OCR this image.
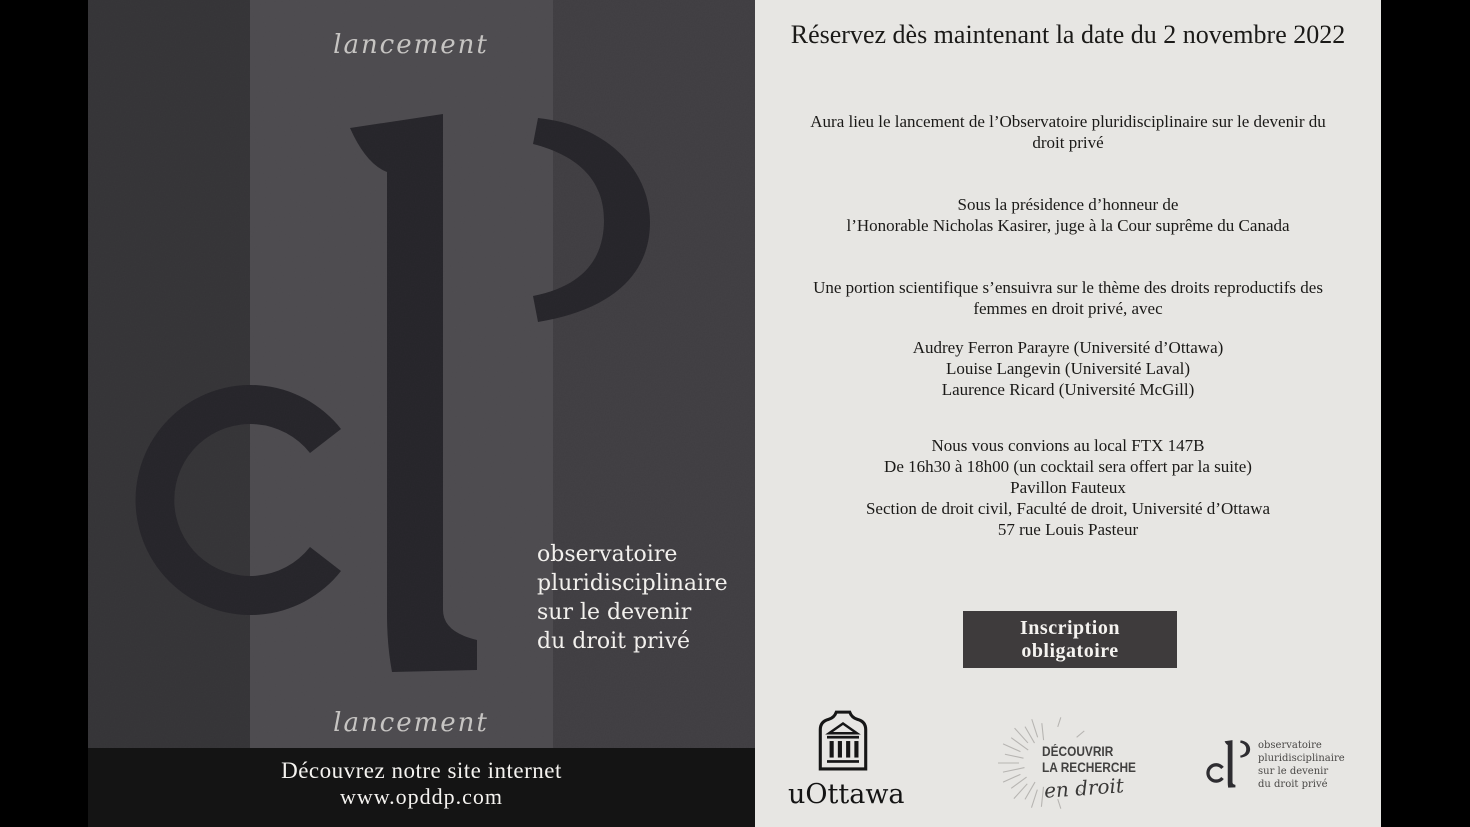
lancement
observatoire
pluridisciplinaire
sur le devenir
du droit privé
lancement
Découvrez notre site internet
www.opddp.com
Réservez dès maintenant la date du 2 novembre 2022
Aura lieu le lancement de l’Observatoire pluridisciplinaire sur le devenir du
droit privé
Sous la présidence d’honneur de
l’Honorable Nicholas Kasirer, juge à la Cour suprême du Canada
Une portion scientifique s’ensuivra sur le thème des droits reproductifs des
femmes en droit privé, avec
Audrey Ferron Parayre (Université d’Ottawa)
Louise Langevin (Université Laval)
Laurence Ricard (Université McGill)
Nous vous convions au local FTX 147B
De 16h30 à 18h00 (un cocktail sera offert par la suite)
Pavillon Fauteux
Section de droit civil, Faculté de droit, Université d’Ottawa
57 rue Louis Pasteur
Inscription obligatoire
uOttawa
DÉCOUVRIR
LA RECHERCHE
en droit
observatoire
pluridisciplinaire
sur le devenir
du droit privé
